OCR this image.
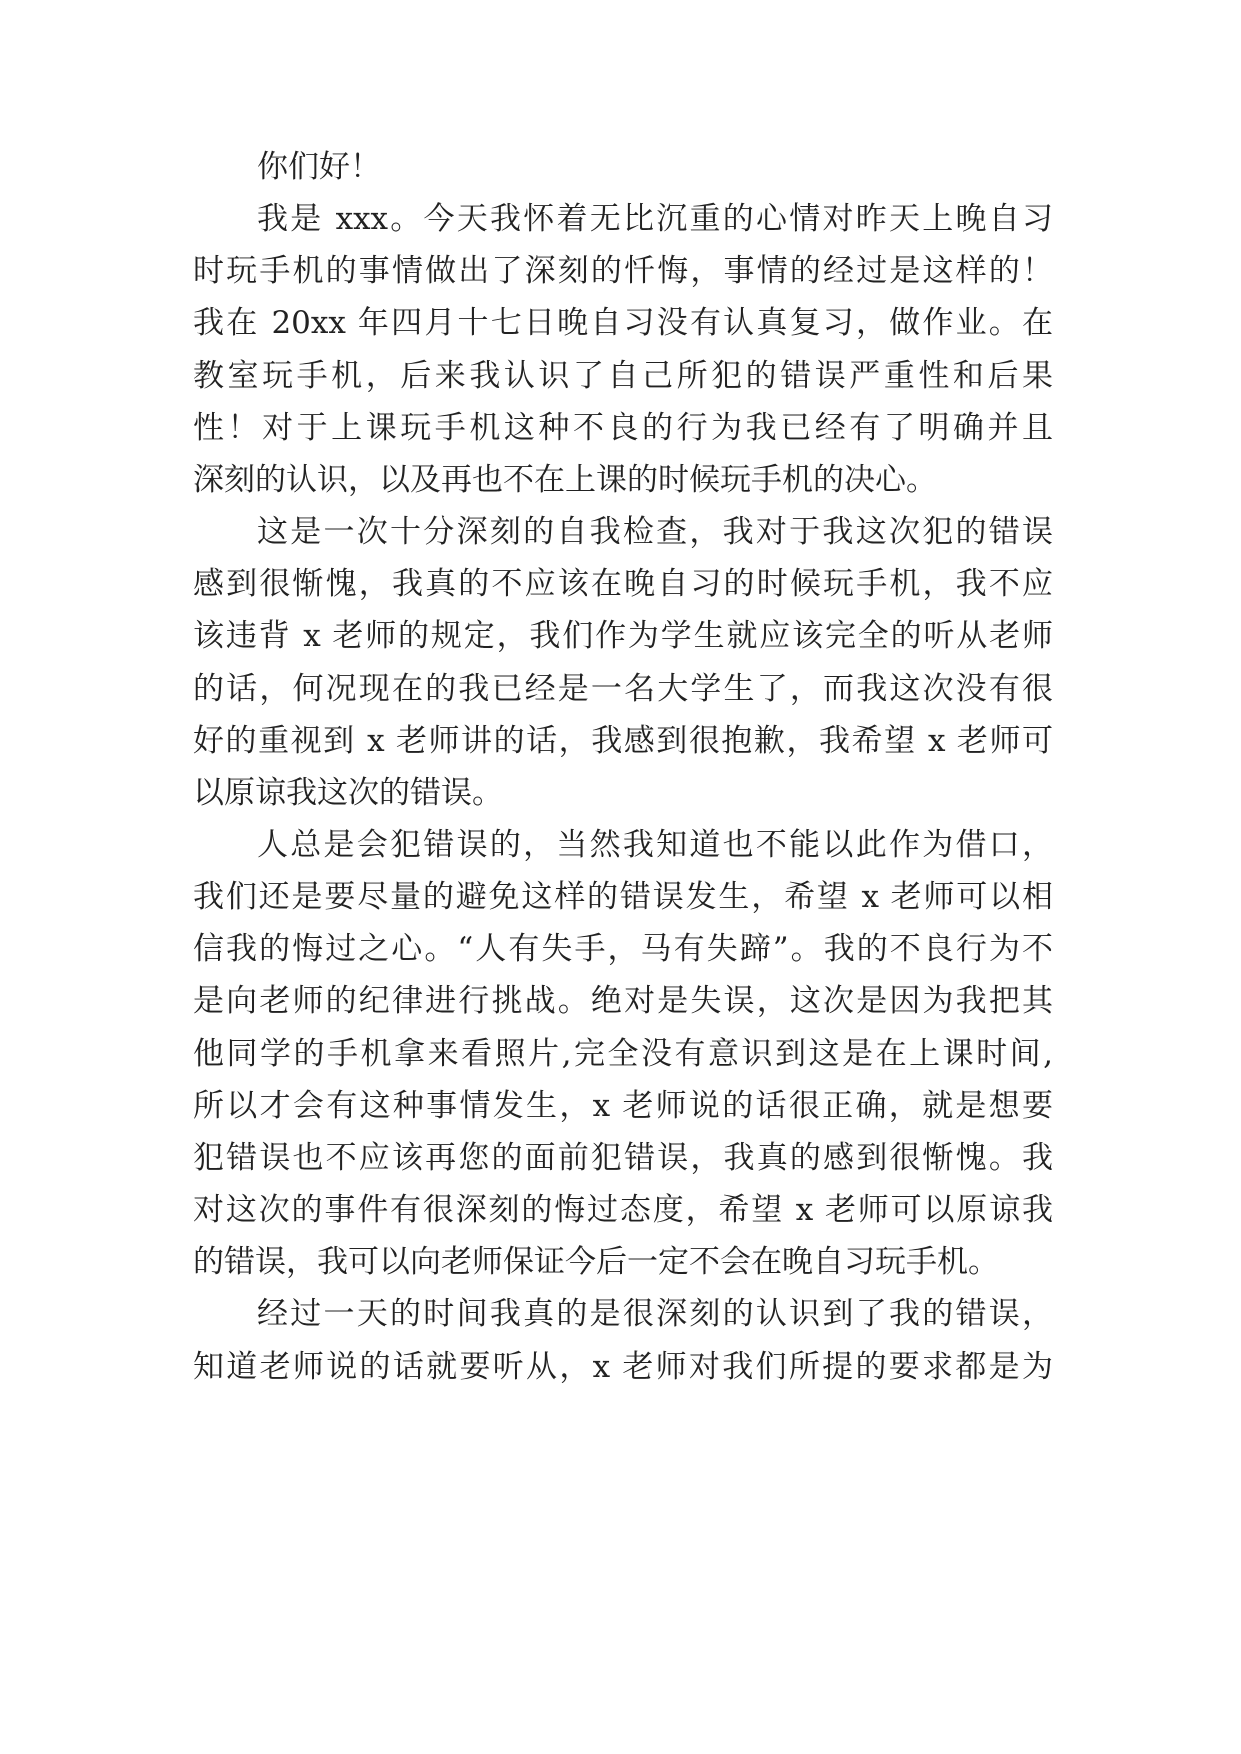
你们好！

我是 xxx。今天我怀着无比沉重的心情对昨天上晚自习

时玩手机的事情做出了深刻的忏悔，事情的经过是这样的！

我在 20xx 年四月十七日晚自习没有认真复习，做作业。在

教室玩手机，后来我认识了自己所犯的错误严重性和后果

性！对于上课玩手机这种不良的行为我已经有了明确并且

深刻的认识，以及再也不在上课的时候玩手机的决心。

这是一次十分深刻的自我检查，我对于我这次犯的错误

感到很惭愧，我真的不应该在晚自习的时候玩手机，我不应

该违背 x 老师的规定，我们作为学生就应该完全的听从老师

的话，何况现在的我已经是一名大学生了，而我这次没有很

好的重视到 x 老师讲的话，我感到很抱歉，我希望 x 老师可

以原谅我这次的错误。

人总是会犯错误的，当然我知道也不能以此作为借口，

我们还是要尽量的避免这样的错误发生，希望 x 老师可以相

信我的悔过之心。“人有失手，马有失蹄”。我的不良行为不

是向老师的纪律进行挑战。绝对是失误，这次是因为我把其

他同学的手机拿来看照片,完全没有意识到这是在上课时间,

所以才会有这种事情发生，x 老师说的话很正确，就是想要

犯错误也不应该再您的面前犯错误，我真的感到很惭愧。我

对这次的事件有很深刻的悔过态度，希望 x 老师可以原谅我

的错误，我可以向老师保证今后一定不会在晚自习玩手机。

经过一天的时间我真的是很深刻的认识到了我的错误，

知道老师说的话就要听从，x 老师对我们所提的要求都是为
